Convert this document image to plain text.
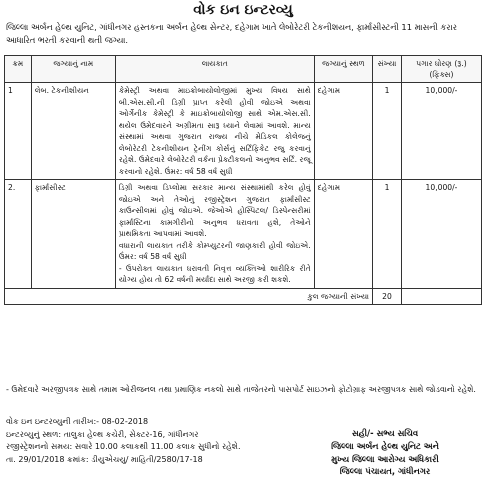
વોક ઇન ઇન્ટરવ્યુ
જિલ્લા અર્બન હેલ્થ યુનિટ, ગાંધીનગર હસ્તકના અર્બન હેલ્થ સેન્ટર, દહેગામ ખાતે લેબોરેટરી ટેકનીશયન, ફાર્માસીસ્ટની 11 માસની કરાર આધારિત ભરતી કરવાની થતી જગ્યા.
ક્રમ	જગ્યાનું નામ	લાયકાત	જગ્યાનું સ્થળ	સંખ્યા	પગાર ધોરણ (રૂ.) (ફિક્સ)
1	લેબ. ટેકનીશીયન	કેમેસ્ટ્રી અથવા માઇક્રોબાયોલોજીમાં મુખ્ય વિષય સાથે બી.એસ.સી.ની ડિગ્રી પ્રાપ્ત કરેલી હોવી જોઇએ અથવા ઓર્ગેનીક કેમેસ્ટ્રી કે માઇક્રોબાયોલોજી સાથે એમ.એસ.સી. થયેલ ઉમેદવારને અગ્રીમતા સારૂ ધ્યાને લેવામાં આવશે. માન્ય સંસ્થામાં અથવા ગુજરાત રાજ્ય નીચે મેડિકલ કોલેજનું લેબોરેટરી ટેકનીશીયન ટ્રેનીંગ કોર્સનું સર્ટિફિકેટ રજુ કરવાનું રહેશે. ઉમેદવારે લેબોરેટરી વર્કના પ્રેક્ટીકલનો અનુભવ સર્ટિ. રજૂ કરવાનો રહેશે. ઉંમર: વર્ષ 58 વર્ષ સુધી	દહેગામ	1	10,000/-
2.	ફાર્માસીસ્ટ	ડિગ્રી અથવા ડિપ્લોમા સરકાર માન્ય સંસ્થામાંથી કરેલ હોવું જોઇએ અને તેઓનું રજીસ્ટ્રેશન ગુજરાત ફાર્માસીસ્ટ કાઉન્સીલમાં હોવું જોઇએ. જેઓએ હોસ્પિટલ/ ડિસ્પેન્સરીમાં ફાર્માસ્ટિના કામગીરીનો અનુભવ ધરાવતા હશે, તેઓને પ્રાથમિકતા આપવામાં આવશે.
વધારાની લાયકાત તરીકે કોમ્પ્યુટરની જાણકારી હોવી જોઇએ. ઉંમર: વર્ષ 58 વર્ષ સુધી
- ઉપરોક્ત લાયકાત ધરાવતી નિવૃત્ત વ્યક્તિઓ શારીરિક રીતે યોગ્ય હોય તો 62 વર્ષની મર્યાદા સાથે અરજી કરી શકશે.	દહેગામ	1	10,000/-
કુલ જગ્યાની સંખ્યા				20	
- ઉમેદવારે અરજીપત્રક સાથે તમામ ઓરીજનલ તથા પ્રમાણિક નકલો સાથે તાજેતરનો પાસપોર્ટ સાઇઝનો ફોટોગ્રાફ અરજીપત્રક સાથે જોડવાનો રહેશે.
વોક ઇન ઇન્ટરવ્યુની તારીખ:- 08-02-2018
ઇન્ટરવ્યુનું સ્થળ: તાલુકા હેલ્થ કચેરી, સેક્ટર-16, ગાંધીનગર
રજીસ્ટ્રેશનનો સમય: સવારે 10.00 કલાકથી 11.00 કલાક સુધીનો રહેશે.
તા. 29/01/2018 ક્રમાંક: ડીયુએચયુ/ માહિતી/2580/17-18
સહી/- સભ્ય સચિવ
જિલ્લા અર્બન હેલ્થ યુનિટ અને
મુખ્ય જિલ્લા આરોગ્ય અધિકારી
જિલ્લા પંચાયત, ગાંધીનગર
